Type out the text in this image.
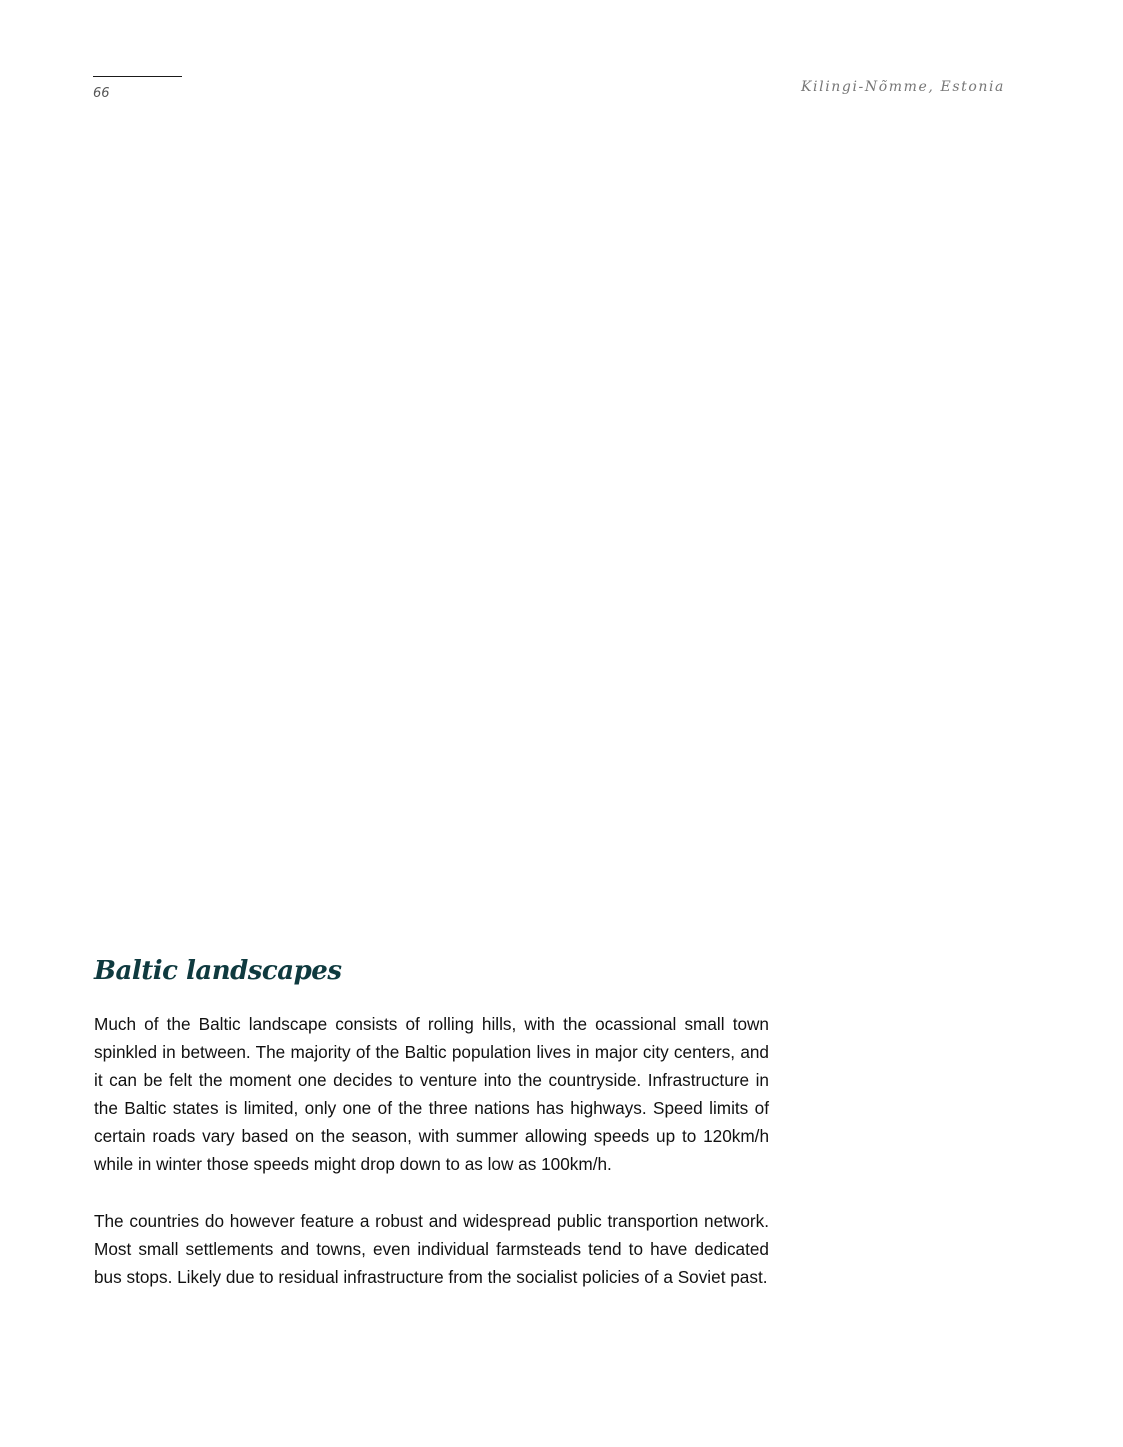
66	Kilingi-Nõmme, Estonia
Baltic landscapes

Much of the Baltic landscape consists of rolling hills, with the ocassional small town spinkled in between. The majority of the Baltic population lives in major city centers, and it can be felt the moment one decides to venture into the countryside. Infrastructure in the Baltic states is limited, only one of the three nations has highways. Speed limits of certain roads vary based on the season, with summer allowing speeds up to 120km/h while in winter those speeds might drop down to as low as 100km/h.

The countries do however feature a robust and widespread public transportion network. Most small settlements and towns, even individual farmsteads tend to have dedicated bus stops. Likely due to residual infrastructure from the socialist policies of a Soviet past.
